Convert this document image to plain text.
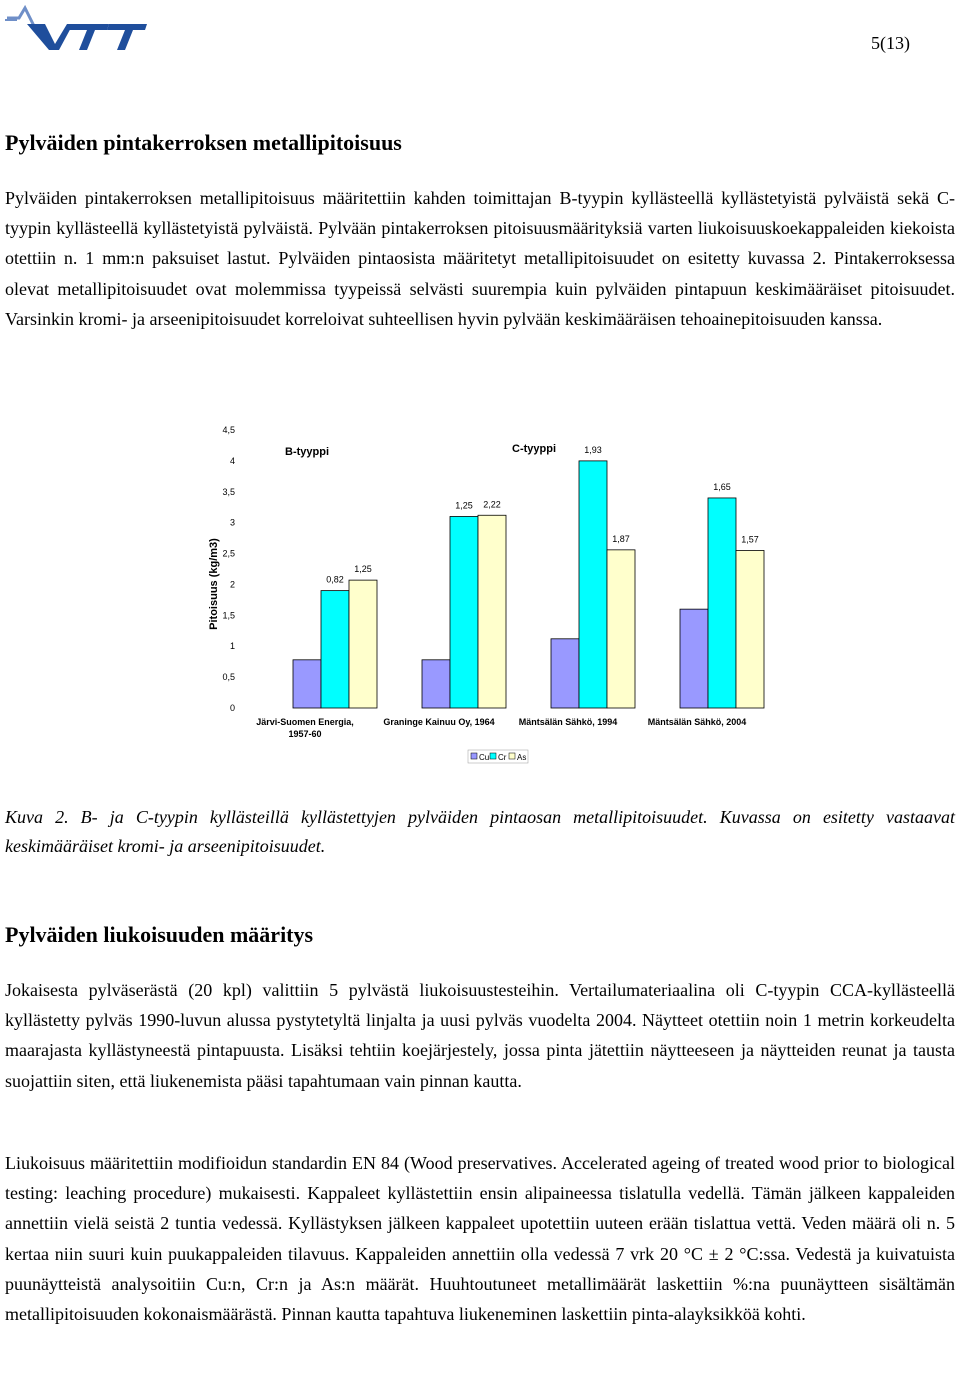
5(13)
Pylväiden pintakerroksen metallipitoisuus

Pylväiden pintakerroksen metallipitoisuus määritettiin kahden toimittajan B-tyypin kyllästeellä kyllästetyistä pylväistä sekä C-tyypin kyllästeellä kyllästetyistä pylväistä. Pylvään pintakerroksen pitoisuusmäärityksiä varten liukoisuuskoekappaleiden kiekoista otettiin n. 1 mm:n paksuiset lastut. Pylväiden pintaosista määritetyt metallipitoisuudet on esitetty kuvassa 2. Pintakerroksessa olevat metallipitoisuudet ovat molemmissa tyypeissä selvästi suurempia kuin pylväiden pintapuun keskimääräiset pitoisuudet. Varsinkin kromi- ja arseenipitoisuudet korreloivat suhteellisen hyvin pylvään keskimääräisen tehoainepitoisuuden kanssa.

0
0,5
1
1,5
2
2,5
3
3,5
4
4,5
Pitoisuus (kg/m3)	0,82
1,25
1,25 2,22
1,93
1,87
1,65
1,57
B-tyyppi	C-tyyppi
Järvi-Suomen Energia,
1957-60
Graninge Kainuu Oy, 1964	Mäntsälän Sähkö, 1994	Mäntsälän Sähkö, 2004
Cu Cr As

Kuva 2. B- ja C-tyypin kyllästeillä kyllästettyjen pylväiden pintaosan metallipitoisuudet. Kuvassa on esitetty vastaavat keskimääräiset kromi- ja arseenipitoisuudet.

Pylväiden liukoisuuden määritys

Jokaisesta pylväserästä (20 kpl) valittiin 5 pylvästä liukoisuustesteihin. Vertailumateriaalina oli C-tyypin CCA-kyllästeellä kyllästetty pylväs 1990-luvun alussa pystytetyltä linjalta ja uusi pylväs vuodelta 2004. Näytteet otettiin noin 1 metrin korkeudelta maarajasta kyllästyneestä pintapuusta. Lisäksi tehtiin koejärjestely, jossa pinta jätettiin näytteeseen ja näytteiden reunat ja tausta suojattiin siten, että liukenemista pääsi tapahtumaan vain pinnan kautta.

Liukoisuus määritettiin modifioidun standardin EN 84 (Wood preservatives. Accelerated ageing of treated wood prior to biological testing: leaching procedure) mukaisesti. Kappaleet kyllästettiin ensin alipaineessa tislatulla vedellä. Tämän jälkeen kappaleiden annettiin vielä seistä 2 tuntia vedessä. Kyllästyksen jälkeen kappaleet upotettiin uuteen erään tislattua vettä. Veden määrä oli n. 5 kertaa niin suuri kuin puukappaleiden tilavuus. Kappaleiden annettiin olla vedessä 7 vrk 20 °C ± 2 °C:ssa. Vedestä ja kuivatuista puunäytteistä analysoitiin Cu:n, Cr:n ja As:n määrät. Huuhtoutuneet metallimäärät laskettiin %:na puunäytteen sisältämän metallipitoisuuden kokonaismäärästä. Pinnan kautta tapahtuva liukeneminen laskettiin pinta-alayksikköä kohti.
